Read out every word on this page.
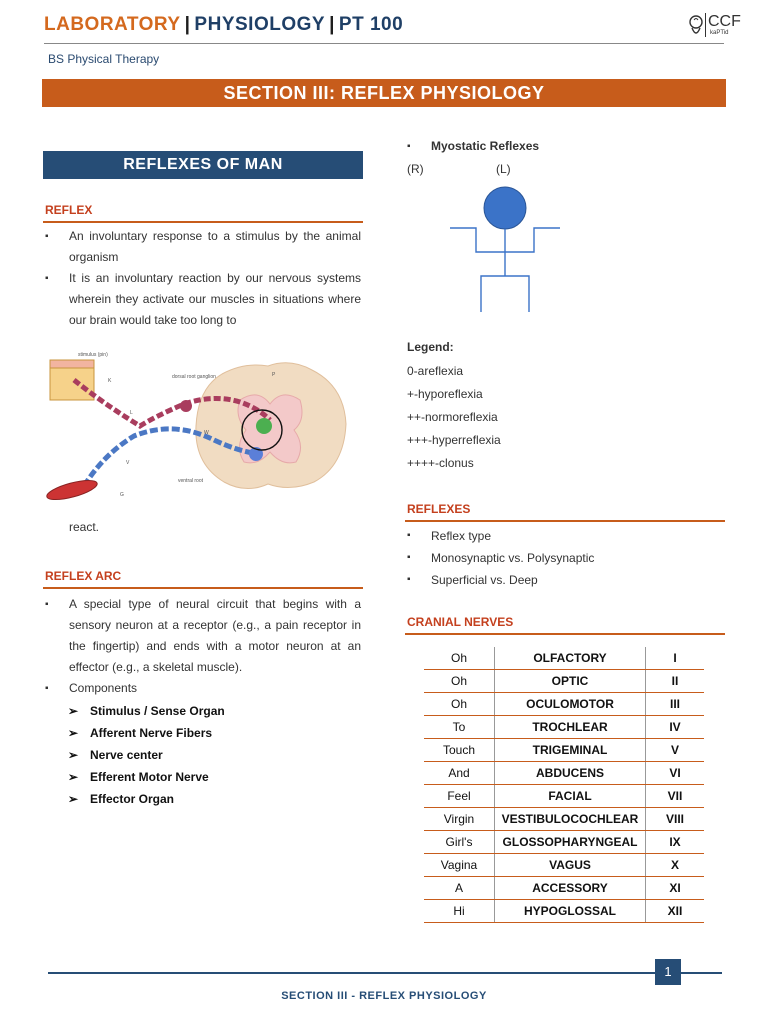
LABORATORY | PHYSIOLOGY | PT 100	CCF
kaPTid
BS Physical Therapy
SECTION III: REFLEX PHYSIOLOGY
REFLEXES OF MAN
REFLEX
▪ An involuntary response to a stimulus by the animal organism
▪ It is an involuntary reaction by our nervous systems wherein they activate our muscles in situations where our brain would take too long to
stimulus (pin)
K
dorsal root ganglion	P
L
W
V
ventral root
G
react.
REFLEX ARC
▪ A special type of neural circuit that begins with a sensory neuron at a receptor (e.g., a pain receptor in the fingertip) and ends with a motor neuron at an effector (e.g., a skeletal muscle).
▪ Components
➢ Stimulus / Sense Organ
➢ Afferent Nerve Fibers
➢ Nerve center
➢ Efferent Motor Nerve
➢ Effector Organ
▪ Myostatic Reflexes
(R)	(L)
Legend:
0-areflexia
+-hyporeflexia
++-normoreflexia
+++-hyperreflexia
++++-clonus
REFLEXES
▪ Reflex type
▪ Monosynaptic vs. Polysynaptic
▪ Superficial vs. Deep
CRANIAL NERVES
Oh	OLFACTORY	I
Oh	OPTIC	II
Oh	OCULOMOTOR	III
To	TROCHLEAR	IV
Touch	TRIGEMINAL	V
And	ABDUCENS	VI
Feel	FACIAL	VII
Virgin	VESTIBULOCOCHLEAR	VIII
Girl's	GLOSSOPHARYNGEAL	IX
Vagina	VAGUS	X
A	ACCESSORY	XI
Hi	HYPOGLOSSAL	XII
1
SECTION III - REFLEX PHYSIOLOGY
